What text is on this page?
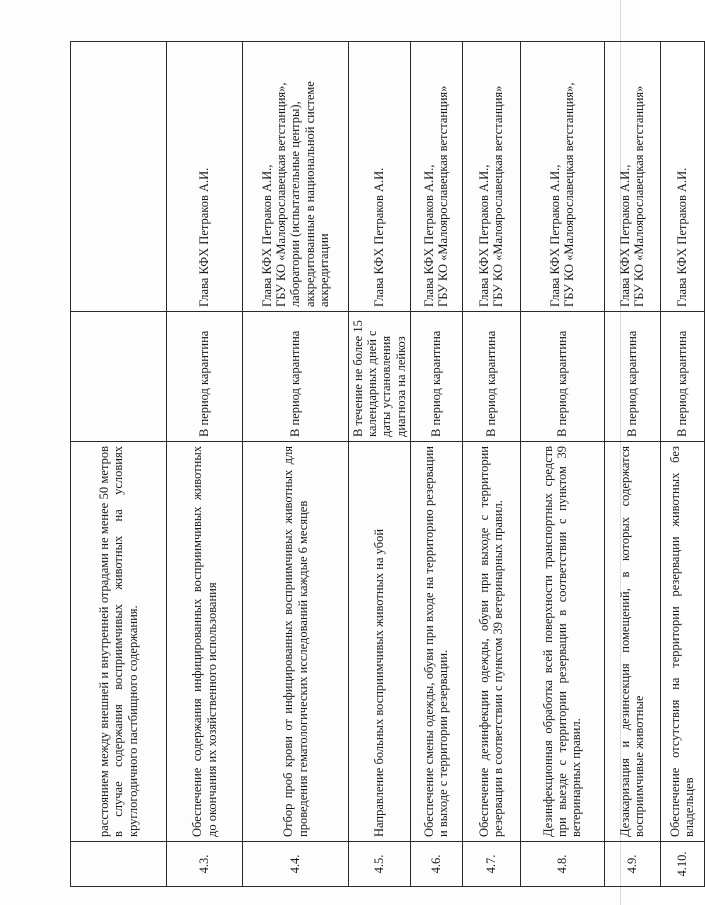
	расстоянием между внешней и внутренней отрадами не менее 50 метров в случае содержания восприимчивых животных на условиях круглогодичного пастбищного содержания.		
4.3.	Обеспечение содержания инфицированных восприимчивых животных до окончания их хозяйственного использования	В период карантина	Глава КФХ Петраков А.И.

4.4.	Отбор проб крови от инфицированных восприимчивых животных для проведения гематологических исследований каждые 6 месяцев	В период карантина	Глава КФХ Петраков А.И., ГБУ КО «Малоярославецкая ветстанция», лаборатории (испытательные центры), аккредитованные в национальной системе аккредитации

4.5.	Направление больных восприимчивых животных на убой	В течение не более 15 календарных дней с даты установления диагноза на лейкоз	Глава КФХ Петраков А.И.

4.6.	Обеспечение смены одежды, обуви при входе на территорию резервации и выходе с территории резервации.	В период карантина	Глава КФХ Петраков А.И., ГБУ КО «Малоярославецкая ветстанция»

4.7.	Обеспечение дезинфекции одежды, обуви при выходе с территории резервации в соответствии с пунктом 39 ветеринарных правил.	В период карантина	Глава КФХ Петраков А.И., ГБУ КО «Малоярославецкая ветстанция»

4.8.	Дезинфекционная обработка всей поверхности транспортных средств при выезде с территории резервации в соответствии с пунктом 39 ветеринарных правил.	В период карантина	Глава КФХ Петраков А.И., ГБУ КО «Малоярославецкая ветстанция»,

4.9.	Дезакаризация и дезинсекция помещений, в которых содержатся восприимчивые животные	В период карантина	Глава КФХ Петраков А.И., ГБУ КО «Малоярославецкая ветстанция»

4.10.	Обеспечение отсутствия на территории резервации животных без владельцев	В период карантина	Глава КФХ Петраков А.И.
